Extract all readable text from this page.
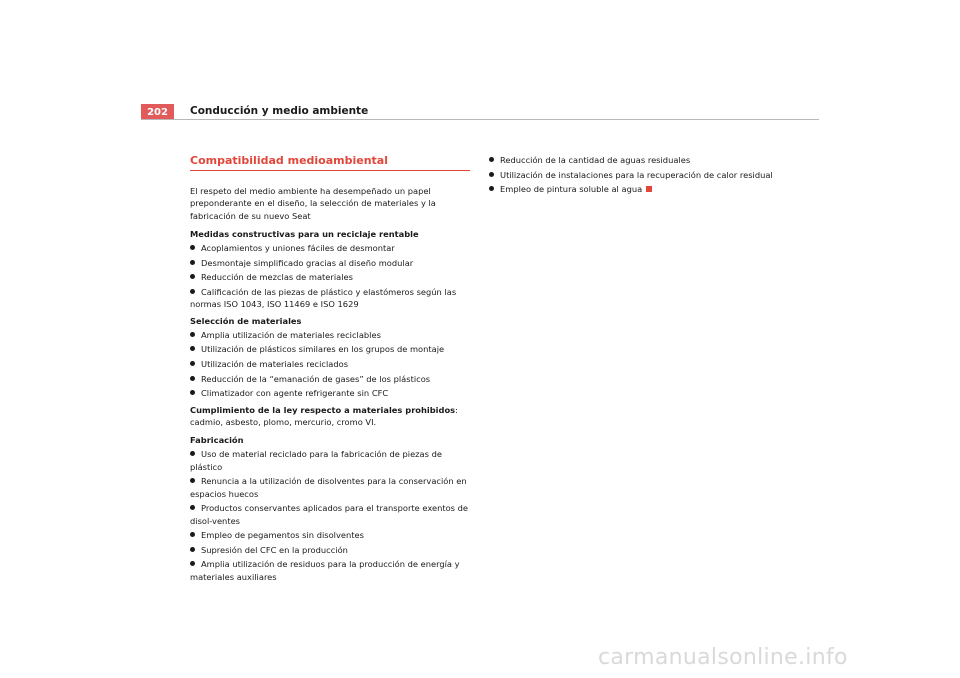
202	Conducción y medio ambiente
Compatibilidad medioambiental

El respeto del medio ambiente ha desempeñado un papel preponderante en el diseño, la selección de materiales y la fabricación de su nuevo Seat

Medidas constructivas para un reciclaje rentable
Acoplamientos y uniones fáciles de desmontar
Desmontaje simplificado gracias al diseño modular
Reducción de mezclas de materiales
Calificación de las piezas de plástico y elastómeros según las normas ISO 1043, ISO 11469 e ISO 1629
Selección de materiales
Amplia utilización de materiales reciclables
Utilización de plásticos similares en los grupos de montaje
Utilización de materiales reciclados
Reducción de la “emanación de gases” de los plásticos
Climatizador con agente refrigerante sin CFC

Cumplimiento de la ley respecto a materiales prohibidos: cadmio, asbesto, plomo, mercurio, cromo VI.

Fabricación
Uso de material reciclado para la fabricación de piezas de plástico
Renuncia a la utilización de disolventes para la conservación en espacios huecos
Productos conservantes aplicados para el transporte exentos de disol-ventes
Empleo de pegamentos sin disolventes
Supresión del CFC en la producción
Amplia utilización de residuos para la producción de energía y materiales auxiliares
Reducción de la cantidad de aguas residuales
Utilización de instalaciones para la recuperación de calor residual
Empleo de pintura soluble al agua
carmanualsonline.info
